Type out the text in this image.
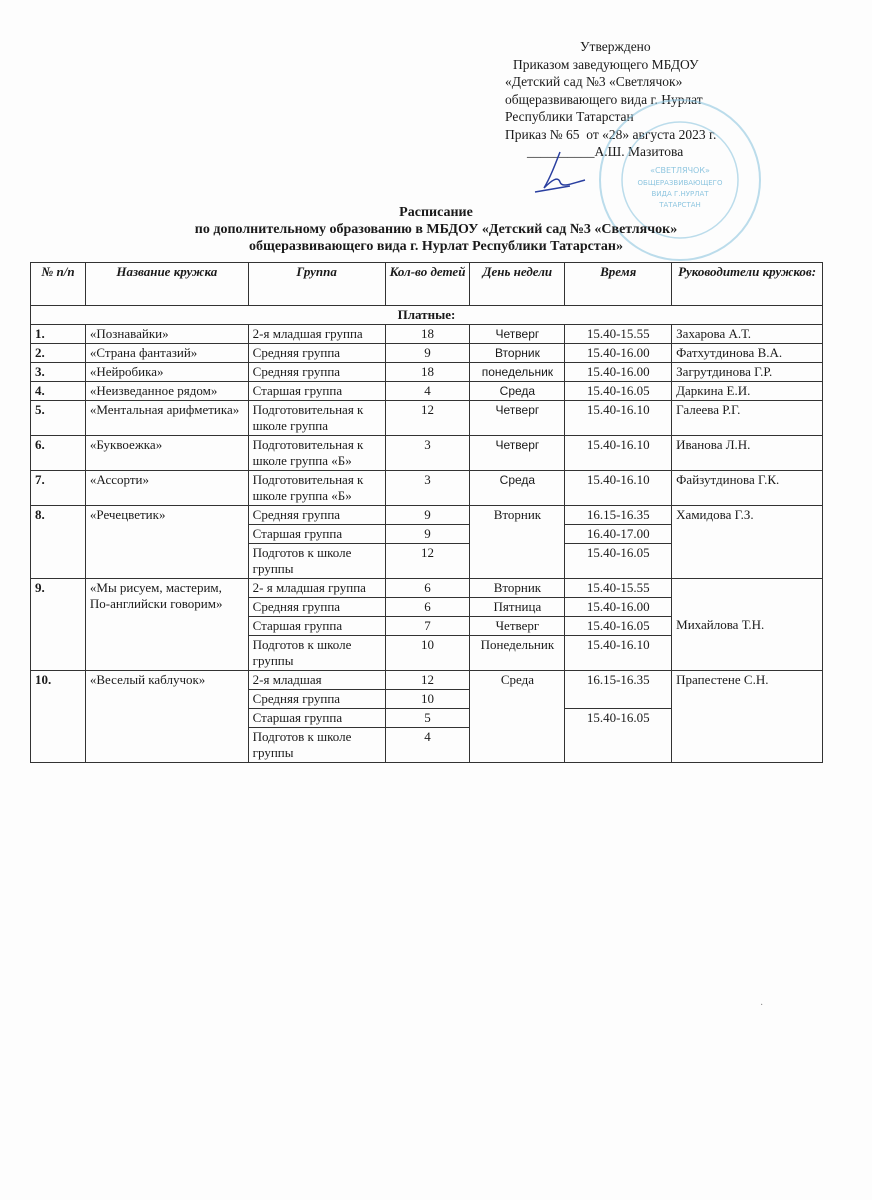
Утверждено
Приказом заведующего МБДОУ
«Детский сад №3 «Светлячок»
общеразвивающего вида г. Нурлат
Республики Татарстан
Приказ № 65  от «28» августа 2023 г.
__________А.Ш. Мазитова
«СВЕТЛЯЧОК»
ОБЩЕРАЗВИВАЮЩЕГО
ВИДА Г.НУРЛАТ
ТАТАРСТАН
Расписание
по дополнительному образованию в МБДОУ «Детский сад №3 «Светлячок»
общеразвивающего вида г. Нурлат Республики Татарстан»
№ п/п	Название кружка	Группа	Кол-во детей	День недели	Время	Руководители кружков:
Платные:						
1.	«Познавайки»	2-я младшая группа	18	Четверг	15.40-15.55	Захарова А.Т.
2.	«Страна фантазий»	Средняя группа	9	Вторник	15.40-16.00	Фатхутдинова В.А.
3.	«Нейробика»	Средняя группа	18	понедельник	15.40-16.00	Загрутдинова Г.Р.
4.	«Неизведанное рядом»	Старшая группа	4	Среда	15.40-16.05	Даркина Е.И.
5.	«Ментальная арифметика»	Подготовительная к школе группа	12	Четверг	15.40-16.10	Галеева Р.Г.
6.	«Буквоежка»	Подготовительная к школе группа «Б»	3	Четверг	15.40-16.10	Иванова Л.Н.
7.	«Ассорти»	Подготовительная к школе группа «Б»	3	Среда	15.40-16.10	Файзутдинова Г.К.
8.	«Речецветик»	Средняя группа	9	Вторник	16.15-16.35	Хамидова Г.З.
		Старшая группа	9		16.40-17.00	
		Подготов к школе группы	12		15.40-16.05	
9.	«Мы рисуем, мастерим, По-английски говорим»	2- я младшая группа	6	Вторник	15.40-15.55	Михайлова Т.Н.
		Средняя группа	6	Пятница	15.40-16.00	
		Старшая группа	7	Четверг	15.40-16.05	
		Подготов к школе группы	10	Понедельник	15.40-16.10	
10.	«Веселый каблучок»	2-я младшая	12	Среда	16.15-16.35	Прапестене С.Н.
		Средняя группа	10			
		Старшая группа	5		15.40-16.05	
		Подготов к школе группы	4			
·
